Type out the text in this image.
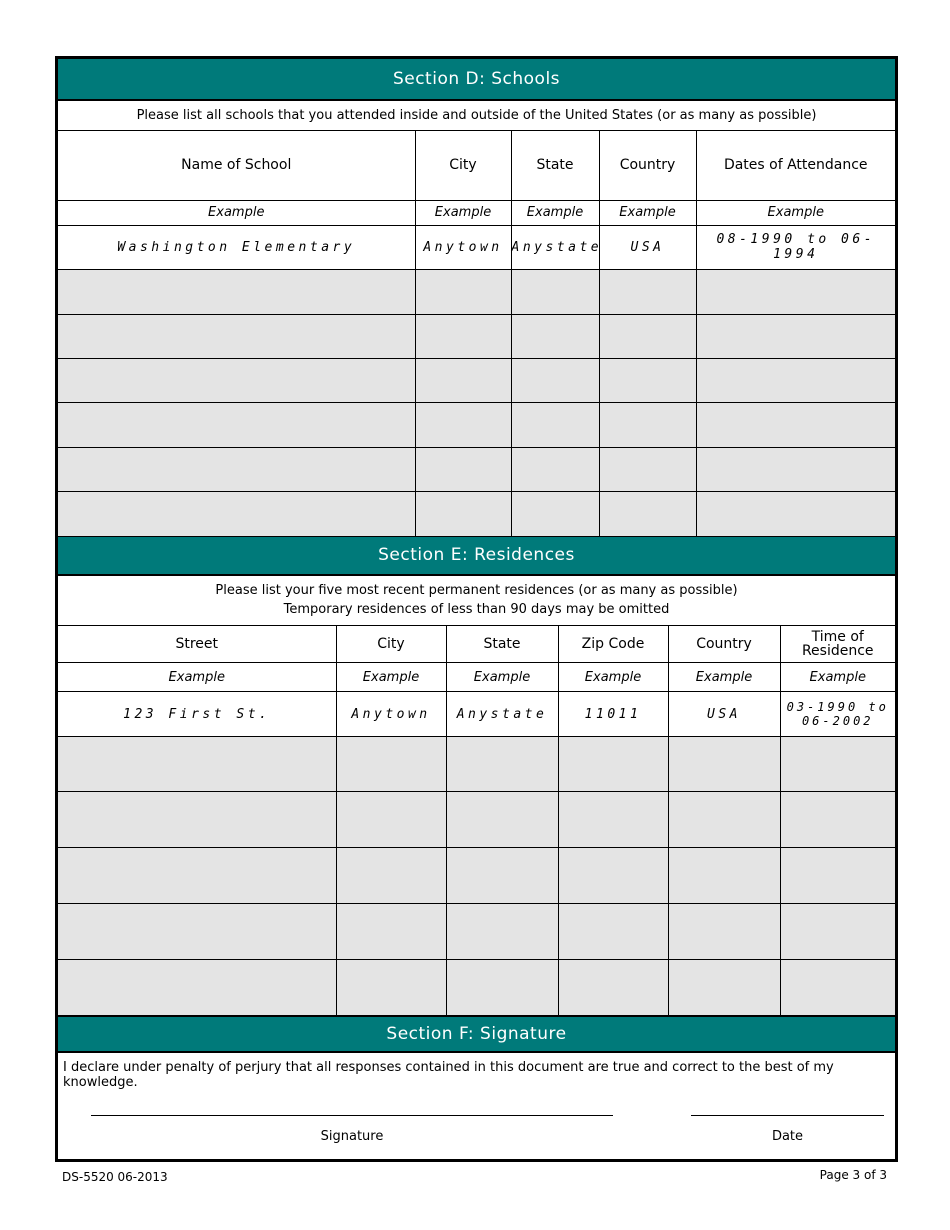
Section D: Schools
Please list all schools that you attended inside and outside of the United States (or as many as possible)				
Name of School	City	State	Country	Dates of Attendance
Example	Example	Example	Example	Example
Washington Elementary	Anytown	Anystate	USA	08-1990 to 06-1994

Section E: Residences
Please list your five most recent permanent residences (or as many as possible)
Temporary residences of less than 90 days may be omitted					

Street	City	State	Zip Code	Country	Time of Residence
Example	Example	Example	Example	Example	Example
123 First St.	Anytown	Anystate	11011	USA	03-1990 to 06-2002

Section F: Signature
I declare under penalty of perjury that all responses contained in this document are true and correct to the best of my knowledge.
Signature	Date
DS-5520 06-2013	Page 3 of 3
